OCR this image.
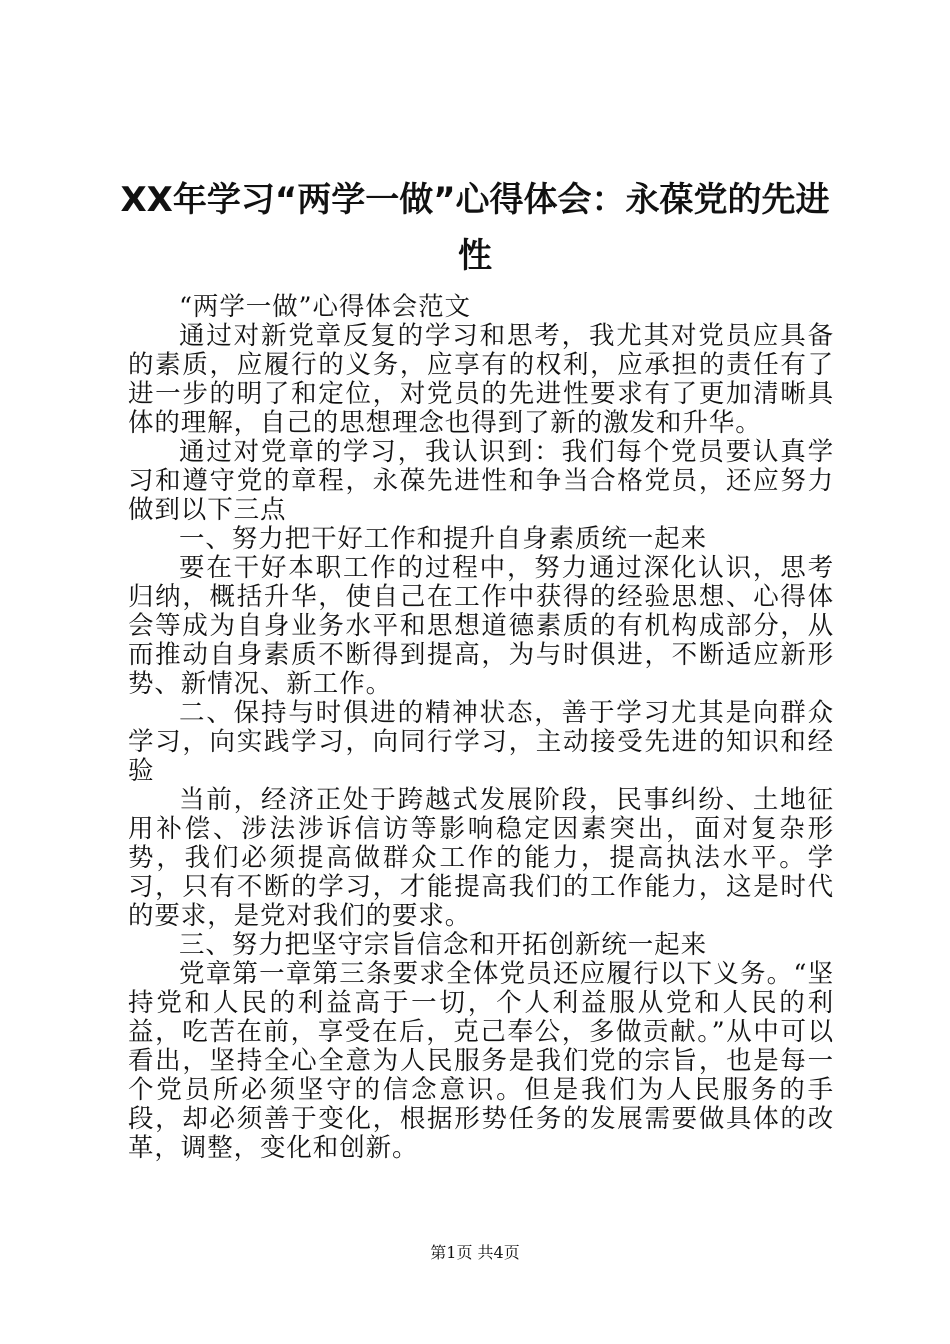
XX年学习“两学一做”心得体会：永葆党的先进性

“两学一做”心得体会范文

通过对新党章反复的学习和思考，我尤其对党员应具备的素质，应履行的义务，应享有的权利，应承担的责任有了进一步的明了和定位，对党员的先进性要求有了更加清晰具体的理解，自己的思想理念也得到了新的激发和升华。

通过对党章的学习，我认识到：我们每个党员要认真学习和遵守党的章程，永葆先进性和争当合格党员，还应努力做到以下三点

一、努力把干好工作和提升自身素质统一起来

要在干好本职工作的过程中，努力通过深化认识，思考归纳，概括升华，使自己在工作中获得的经验思想、心得体会等成为自身业务水平和思想道德素质的有机构成部分，从而推动自身素质不断得到提高，为与时俱进，不断适应新形势、新情况、新工作。

二、保持与时俱进的精神状态，善于学习尤其是向群众学习，向实践学习，向同行学习，主动接受先进的知识和经验

当前，经济正处于跨越式发展阶段，民事纠纷、土地征用补偿、涉法涉诉信访等影响稳定因素突出，面对复杂形势，我们必须提高做群众工作的能力，提高执法水平。学习，只有不断的学习，才能提高我们的工作能力，这是时代的要求，是党对我们的要求。

三、努力把坚守宗旨信念和开拓创新统一起来

党章第一章第三条要求全体党员还应履行以下义务。“坚持党和人民的利益高于一切，个人利益服从党和人民的利益，吃苦在前，享受在后，克己奉公，多做贡献。”从中可以看出，坚持全心全意为人民服务是我们党的宗旨，也是每一个党员所必须坚守的信念意识。但是我们为人民服务的手段，却必须善于变化，根据形势任务的发展需要做具体的改革，调整，变化和创新。

第1页 共4页
